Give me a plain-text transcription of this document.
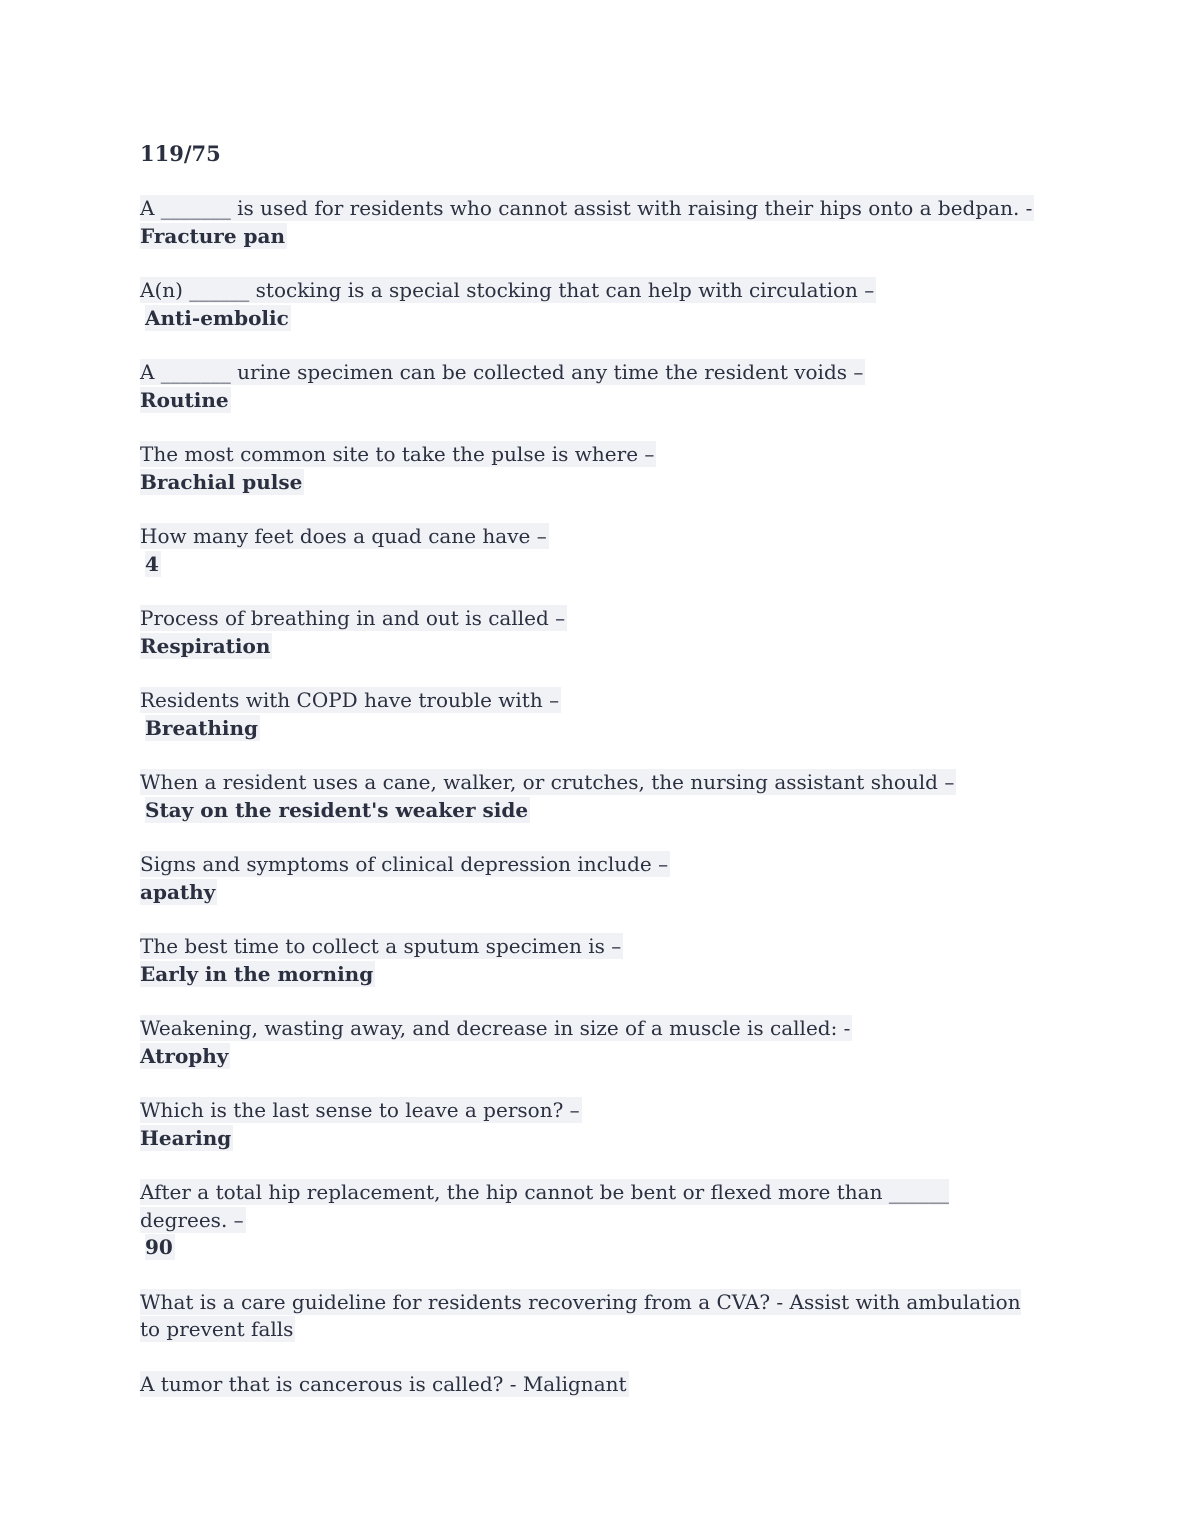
119/75
A _______ is used for residents who cannot assist with raising their hips onto a bedpan. -
Fracture pan
A(n) ______ stocking is a special stocking that can help with circulation –
Anti-embolic
A _______ urine specimen can be collected any time the resident voids –
Routine
The most common site to take the pulse is where –
Brachial pulse
How many feet does a quad cane have –
4
Process of breathing in and out is called –
Respiration
Residents with COPD have trouble with –
Breathing
When a resident uses a cane, walker, or crutches, the nursing assistant should –
Stay on the resident's weaker side
Signs and symptoms of clinical depression include –
apathy
The best time to collect a sputum specimen is –
Early in the morning
Weakening, wasting away, and decrease in size of a muscle is called: -
Atrophy
Which is the last sense to leave a person? –
Hearing
After a total hip replacement, the hip cannot be bent or flexed more than ______ degrees. –
90
What is a care guideline for residents recovering from a CVA? - Assist with ambulation to prevent falls
A tumor that is cancerous is called? - Malignant
